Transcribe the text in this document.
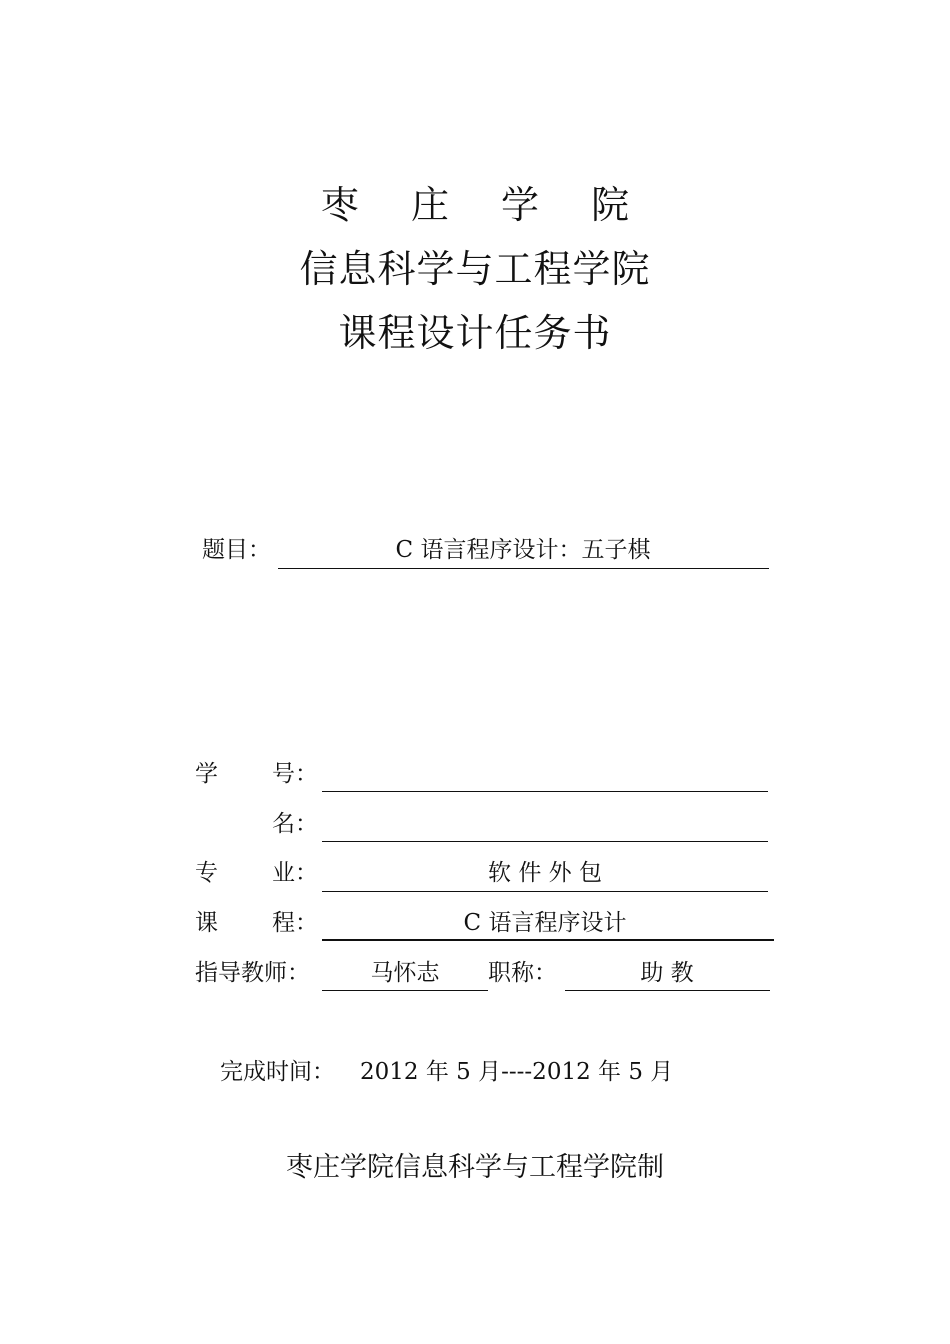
枣 庄 学 院
信息科学与工程学院
课程设计任务书
题目：	C 语言程序设计：五子棋
学 号：
名：
专 业：	软 件 外 包
课 程：	C 语言程序设计
指导教师：	马怀志	职称：	助 教
完成时间： 2012 年 5 月----2012 年 5 月
枣庄学院信息科学与工程学院制
